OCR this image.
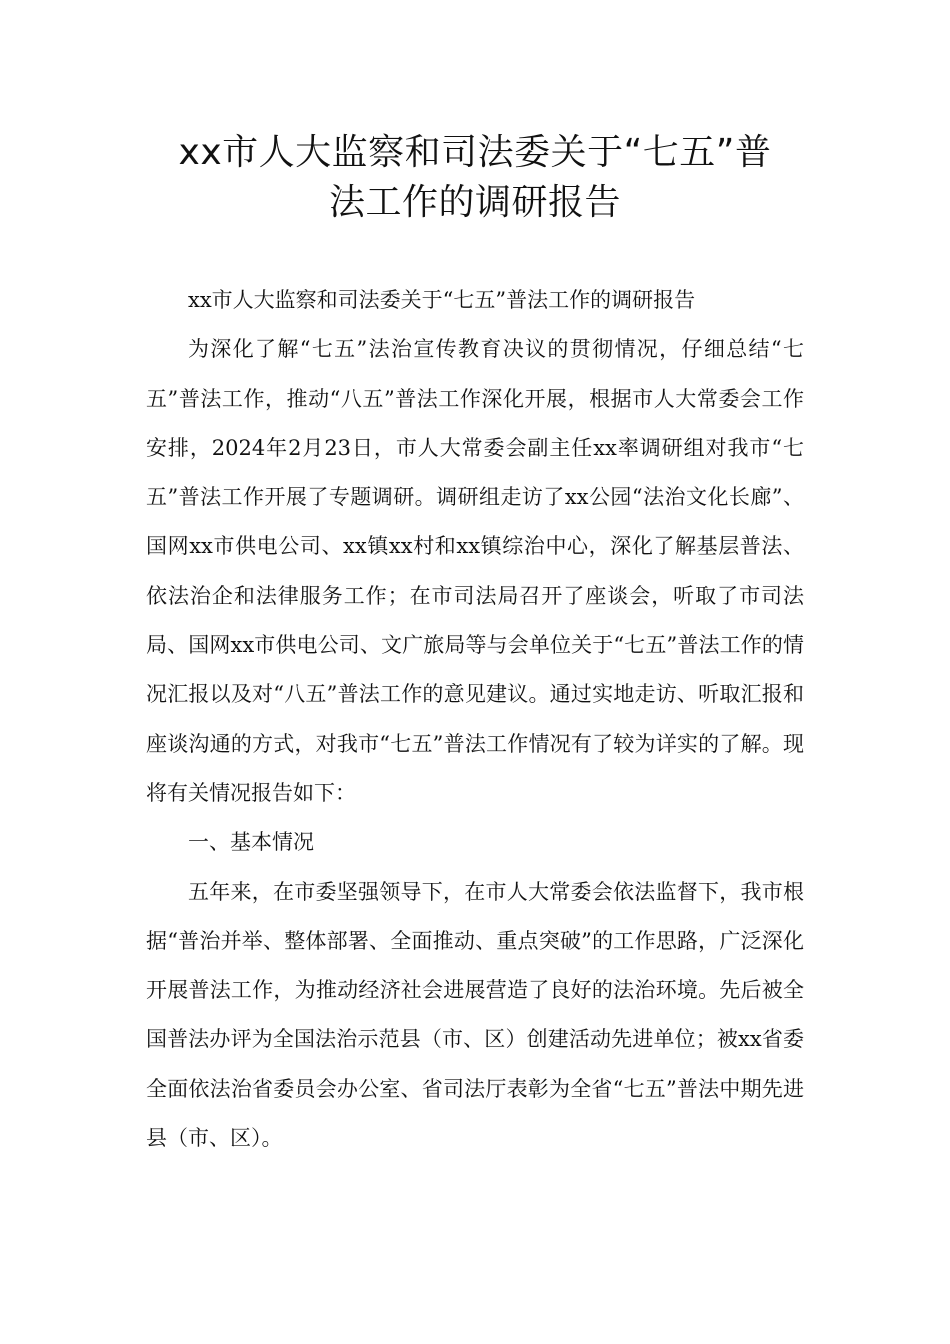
xx市人大监察和司法委关于“七五”普
法工作的调研报告

xx市人大监察和司法委关于“七五”普法工作的调研报告

为深化了解“七五”法治宣传教育决议的贯彻情况，仔细总结“七五”普法工作，推动“八五”普法工作深化开展，根据市人大常委会工作安排，2024年2月23日，市人大常委会副主任xx率调研组对我市“七五”普法工作开展了专题调研。调研组走访了xx公园“法治文化长廊”、国网xx市供电公司、xx镇xx村和xx镇综治中心，深化了解基层普法、依法治企和法律服务工作；在市司法局召开了座谈会，听取了市司法局、国网xx市供电公司、文广旅局等与会单位关于“七五”普法工作的情况汇报以及对“八五”普法工作的意见建议。通过实地走访、听取汇报和座谈沟通的方式，对我市“七五”普法工作情况有了较为详实的了解。现将有关情况报告如下：

一、基本情况

五年来，在市委坚强领导下，在市人大常委会依法监督下，我市根据“普治并举、整体部署、全面推动、重点突破”的工作思路，广泛深化开展普法工作，为推动经济社会进展营造了良好的法治环境。先后被全国普法办评为全国法治示范县（市、区）创建活动先进单位；被xx省委全面依法治省委员会办公室、省司法厅表彰为全省“七五”普法中期先进县（市、区）。
